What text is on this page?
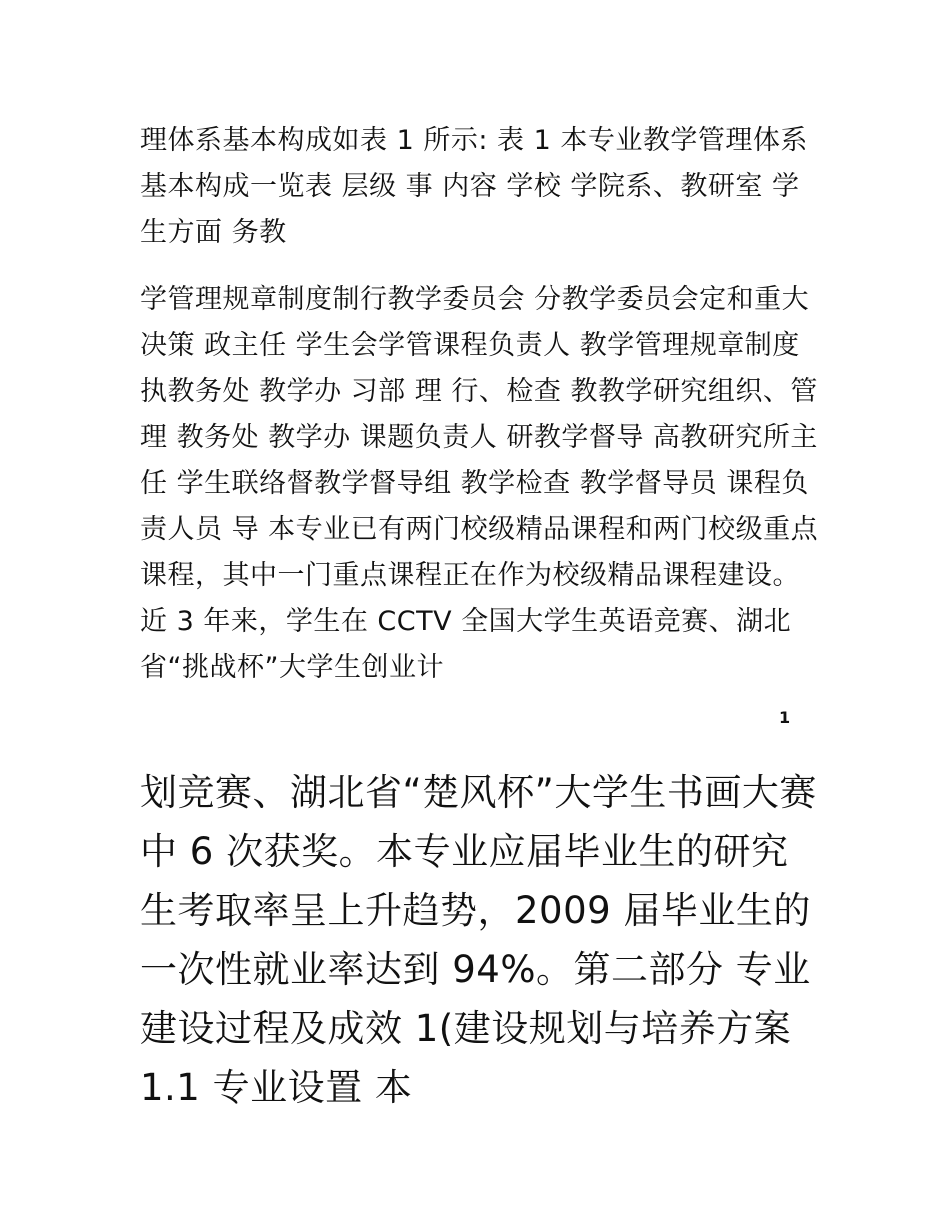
理体系基本构成如表 1 所示: 表 1 本专业教学管理体系基本构成一览表 层级 事 内容 学校 学院系、教研室 学生方面 务教

学管理规章制度制行教学委员会 分教学委员会定和重大决策 政主任 学生会学管课程负责人 教学管理规章制度执教务处 教学办 习部 理 行、检查 教教学研究组织、管理 教务处 教学办 课题负责人 研教学督导 高教研究所主任 学生联络督教学督导组 教学检查 教学督导员 课程负责人员 导 本专业已有两门校级精品课程和两门校级重点课程，其中一门重点课程正在作为校级精品课程建设。 近 3 年来，学生在 CCTV 全国大学生英语竞赛、湖北省“挑战杯”大学生创业计

1

划竞赛、湖北省“楚风杯”大学生书画大赛中 6 次获奖。本专业应届毕业生的研究生考取率呈上升趋势，2009 届毕业生的一次性就业率达到 94%。第二部分 专业建设过程及成效 1(建设规划与培养方案 1.1 专业设置 本
